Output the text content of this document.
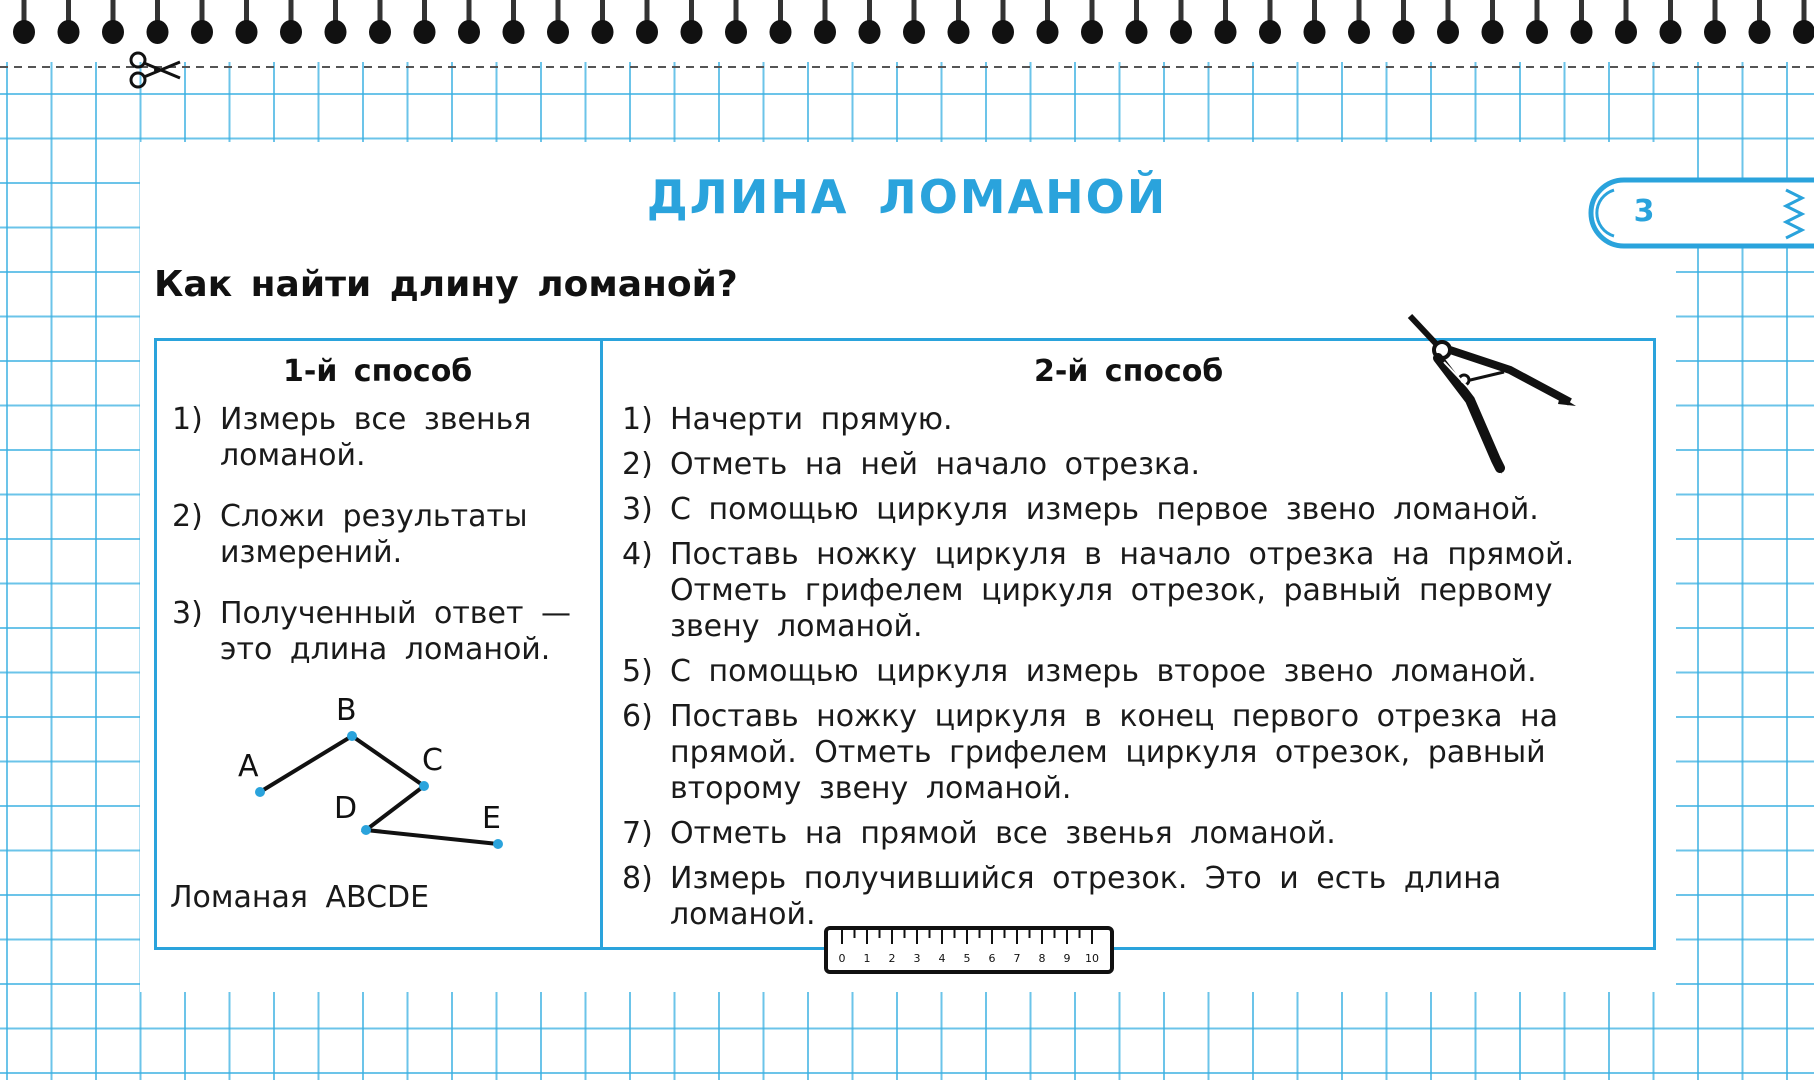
ДЛИНА ЛОМАНОЙ	3
Как найти длину ломаной?
1-й способ	2-й способ
1) Измерь все звенья ломаной.
2) Сложи результаты измерений.
3) Полученный ответ — это длина ломаной.
A
B
C
D	E
Ломаная ABCDE
1) Начерти прямую.
2) Отметь на ней начало отрезка.
3) С помощью циркуля измерь первое звено ломаной.
4) Поставь ножку циркуля в начало отрезка на прямой. Отметь грифелем циркуля отрезок, равный первому звену ломаной.
5) С помощью циркуля измерь второе звено ломаной.
6) Поставь ножку циркуля в конец первого отрезка на прямой. Отметь грифелем циркуля отрезок, равный второму звену ломаной.
7) Отметь на прямой все звенья ломаной.
8) Измерь получившийся отрезок. Это и есть длина ломаной.
0 1 2 3 4 5 6 7 8 9 10
